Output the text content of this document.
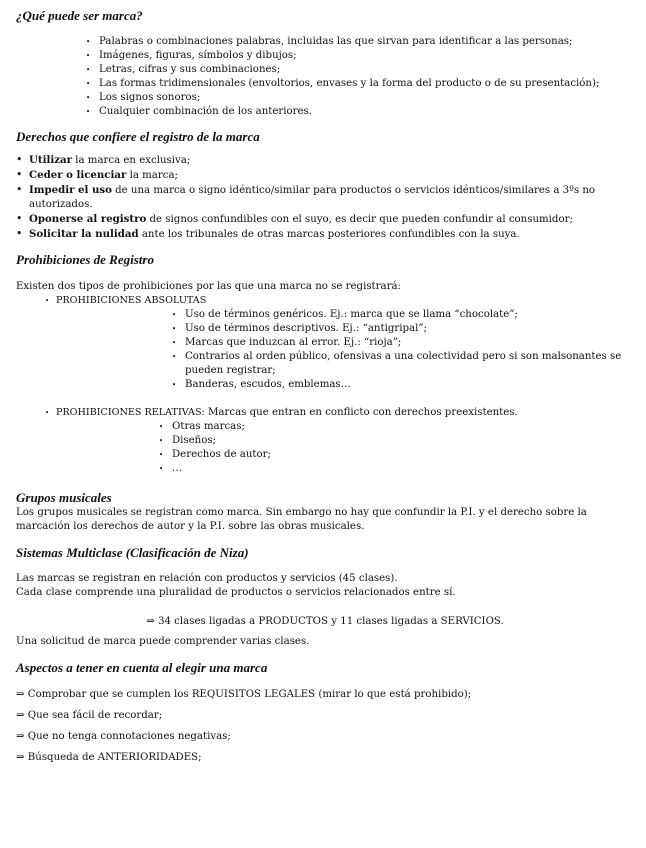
¿Qué puede ser marca?
• Palabras o combinaciones palabras, incluidas las que sirvan para identificar a las personas;
• Imágenes, figuras, símbolos y dibujos;
• Letras, cifras y sus combinaciones;
• Las formas tridimensionales (envoltorios, envases y la forma del producto o de su presentación);
• Los signos sonoros;
• Cualquier combinación de los anteriores.
Derechos que confiere el registro de la marca
• Utilizar la marca en exclusiva;
• Ceder o licenciar la marca;
• Impedir el uso de una marca o signo idéntico/similar para productos o servicios idénticos/similares a 3ºs no autorizados.
• Oponerse al registro de signos confundibles con el suyo, es decir que pueden confundir al consumidor;
• Solicitar la nulidad ante los tribunales de otras marcas posteriores confundibles con la suya.
Prohibiciones de Registro
Existen dos tipos de prohibiciones por las que una marca no se registrará:
• PROHIBICIONES ABSOLUTAS
• Uso de términos genéricos. Ej.: marca que se llama “chocolate”;
• Uso de términos descriptivos. Ej.: “antigripal”;
• Marcas que induzcan al error. Ej.: “rioja”;
• Contrarios al orden público, ofensivas a una colectividad pero si son malsonantes se pueden registrar;
• Banderas, escudos, emblemas…
• PROHIBICIONES RELATIVAS: Marcas que entran en conflicto con derechos preexistentes.
• Otras marcas;
• Diseños;
• Derechos de autor;
• …
Grupos musicales
Los grupos musicales se registran como marca. Sin embargo no hay que confundir la P.I. y el derecho sobre la marcación los derechos de autor y la P.I. sobre las obras musicales.
Sistemas Multiclase (Clasificación de Niza)
Las marcas se registran en relación con productos y servicios (45 clases).
Cada clase comprende una pluralidad de productos o servicios relacionados entre sí.
⇒ 34 clases ligadas a PRODUCTOS y 11 clases ligadas a SERVICIOS.
Una solicitud de marca puede comprender varias clases.
Aspectos a tener en cuenta al elegir una marca
⇒ Comprobar que se cumplen los REQUISITOS LEGALES (mirar lo que está prohibido);
⇒ Que sea fácil de recordar;
⇒ Que no tenga connotaciones negativas;
⇒ Búsqueda de ANTERIORIDADES;
